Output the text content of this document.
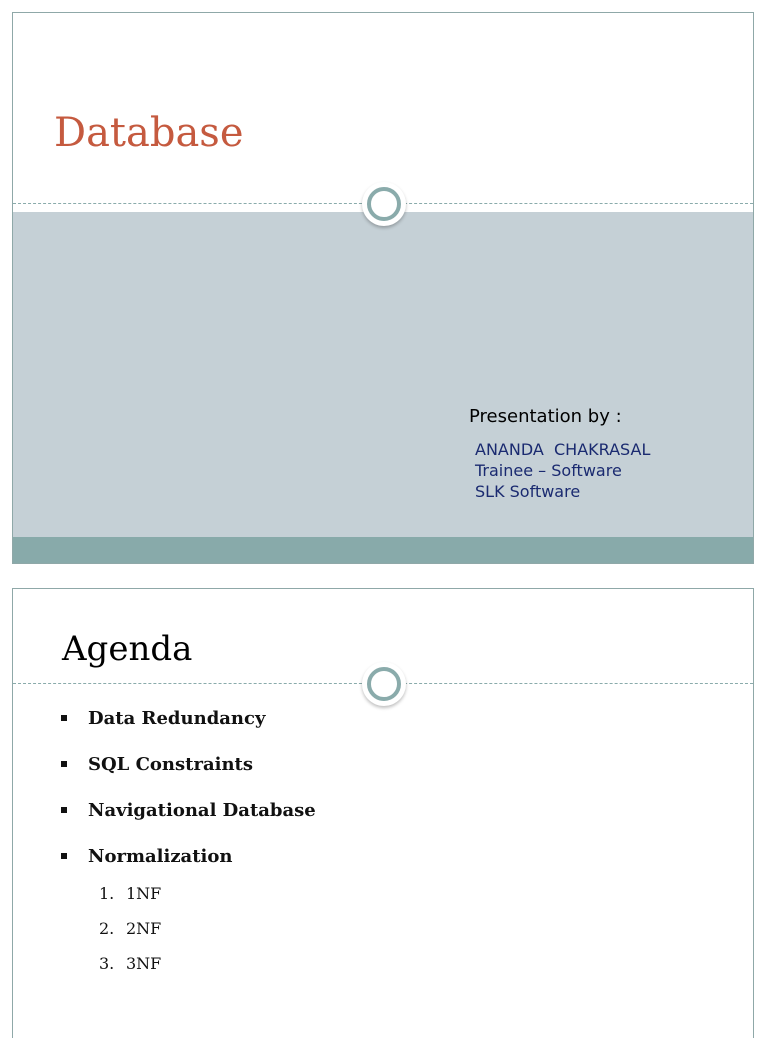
Database
Presentation by :
ANANDA  CHAKRASAL
Trainee – Software
SLK Software
Agenda
Data Redundancy
SQL Constraints
Navigational Database
Normalization
1. 1NF
2. 2NF
3. 3NF
